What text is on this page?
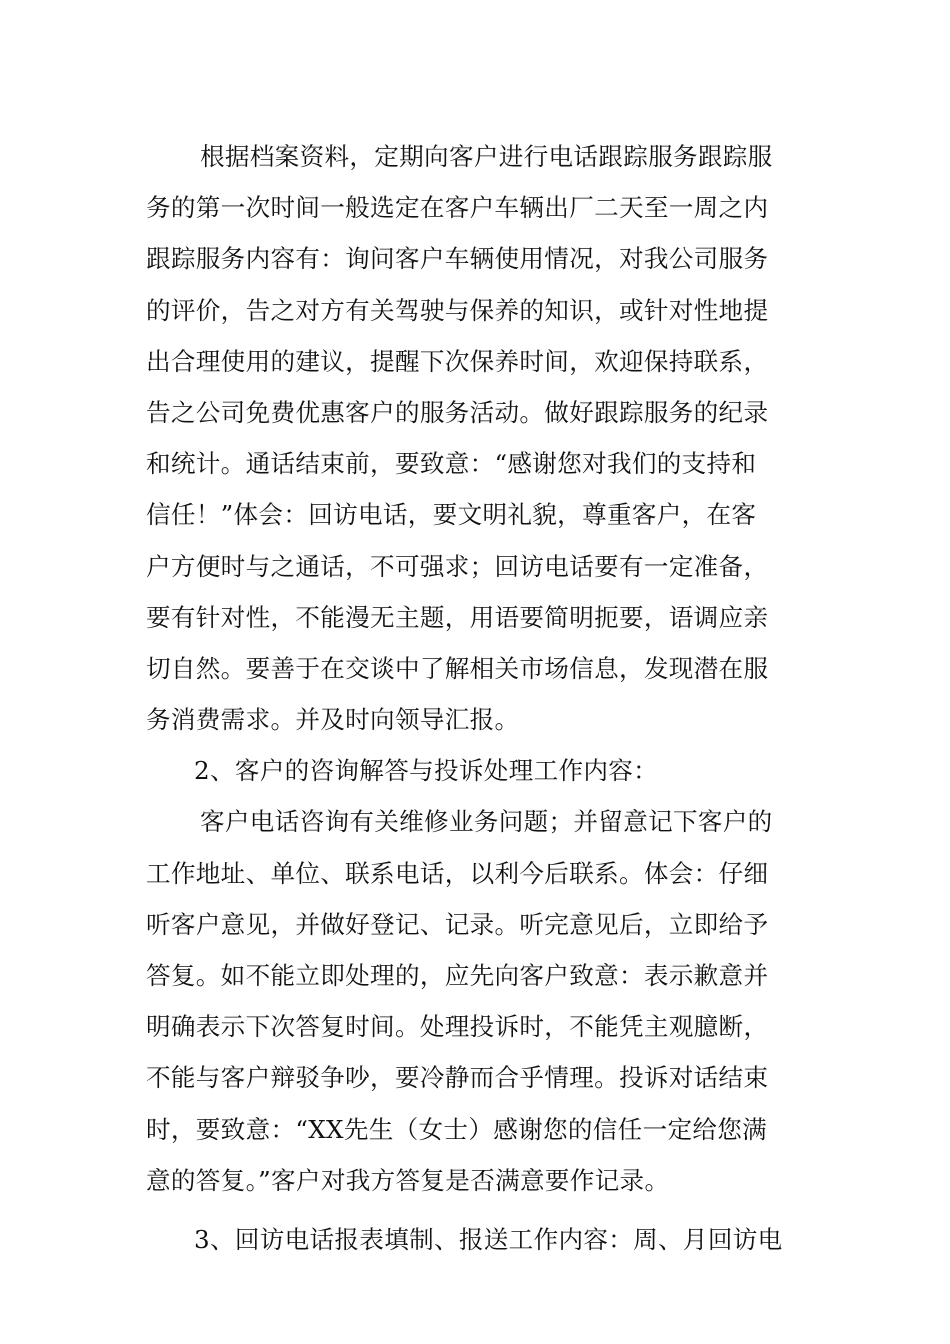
根据档案资料，定期向客户进行电话跟踪服务跟踪服
务的第一次时间一般选定在客户车辆出厂二天至一周之内
跟踪服务内容有：询问客户车辆使用情况，对我公司服务
的评价，告之对方有关驾驶与保养的知识，或针对性地提
出合理使用的建议，提醒下次保养时间，欢迎保持联系，
告之公司免费优惠客户的服务活动。做好跟踪服务的纪录
和统计。通话结束前，要致意：“感谢您对我们的支持和
信任！”体会：回访电话，要文明礼貌，尊重客户，在客
户方便时与之通话，不可强求；回访电话要有一定准备，
要有针对性，不能漫无主题，用语要简明扼要，语调应亲
切自然。要善于在交谈中了解相关市场信息，发现潜在服
务消费需求。并及时向领导汇报。
2、客户的咨询解答与投诉处理工作内容：
客户电话咨询有关维修业务问题；并留意记下客户的
工作地址、单位、联系电话，以利今后联系。体会：仔细
听客户意见，并做好登记、记录。听完意见后，立即给予
答复。如不能立即处理的，应先向客户致意：表示歉意并
明确表示下次答复时间。处理投诉时，不能凭主观臆断，
不能与客户辩驳争吵，要冷静而合乎情理。投诉对话结束
时，要致意：“XX先生（女士）感谢您的信任一定给您满
意的答复。”客户对我方答复是否满意要作记录。
3、回访电话报表填制、报送工作内容：周、月回访电
